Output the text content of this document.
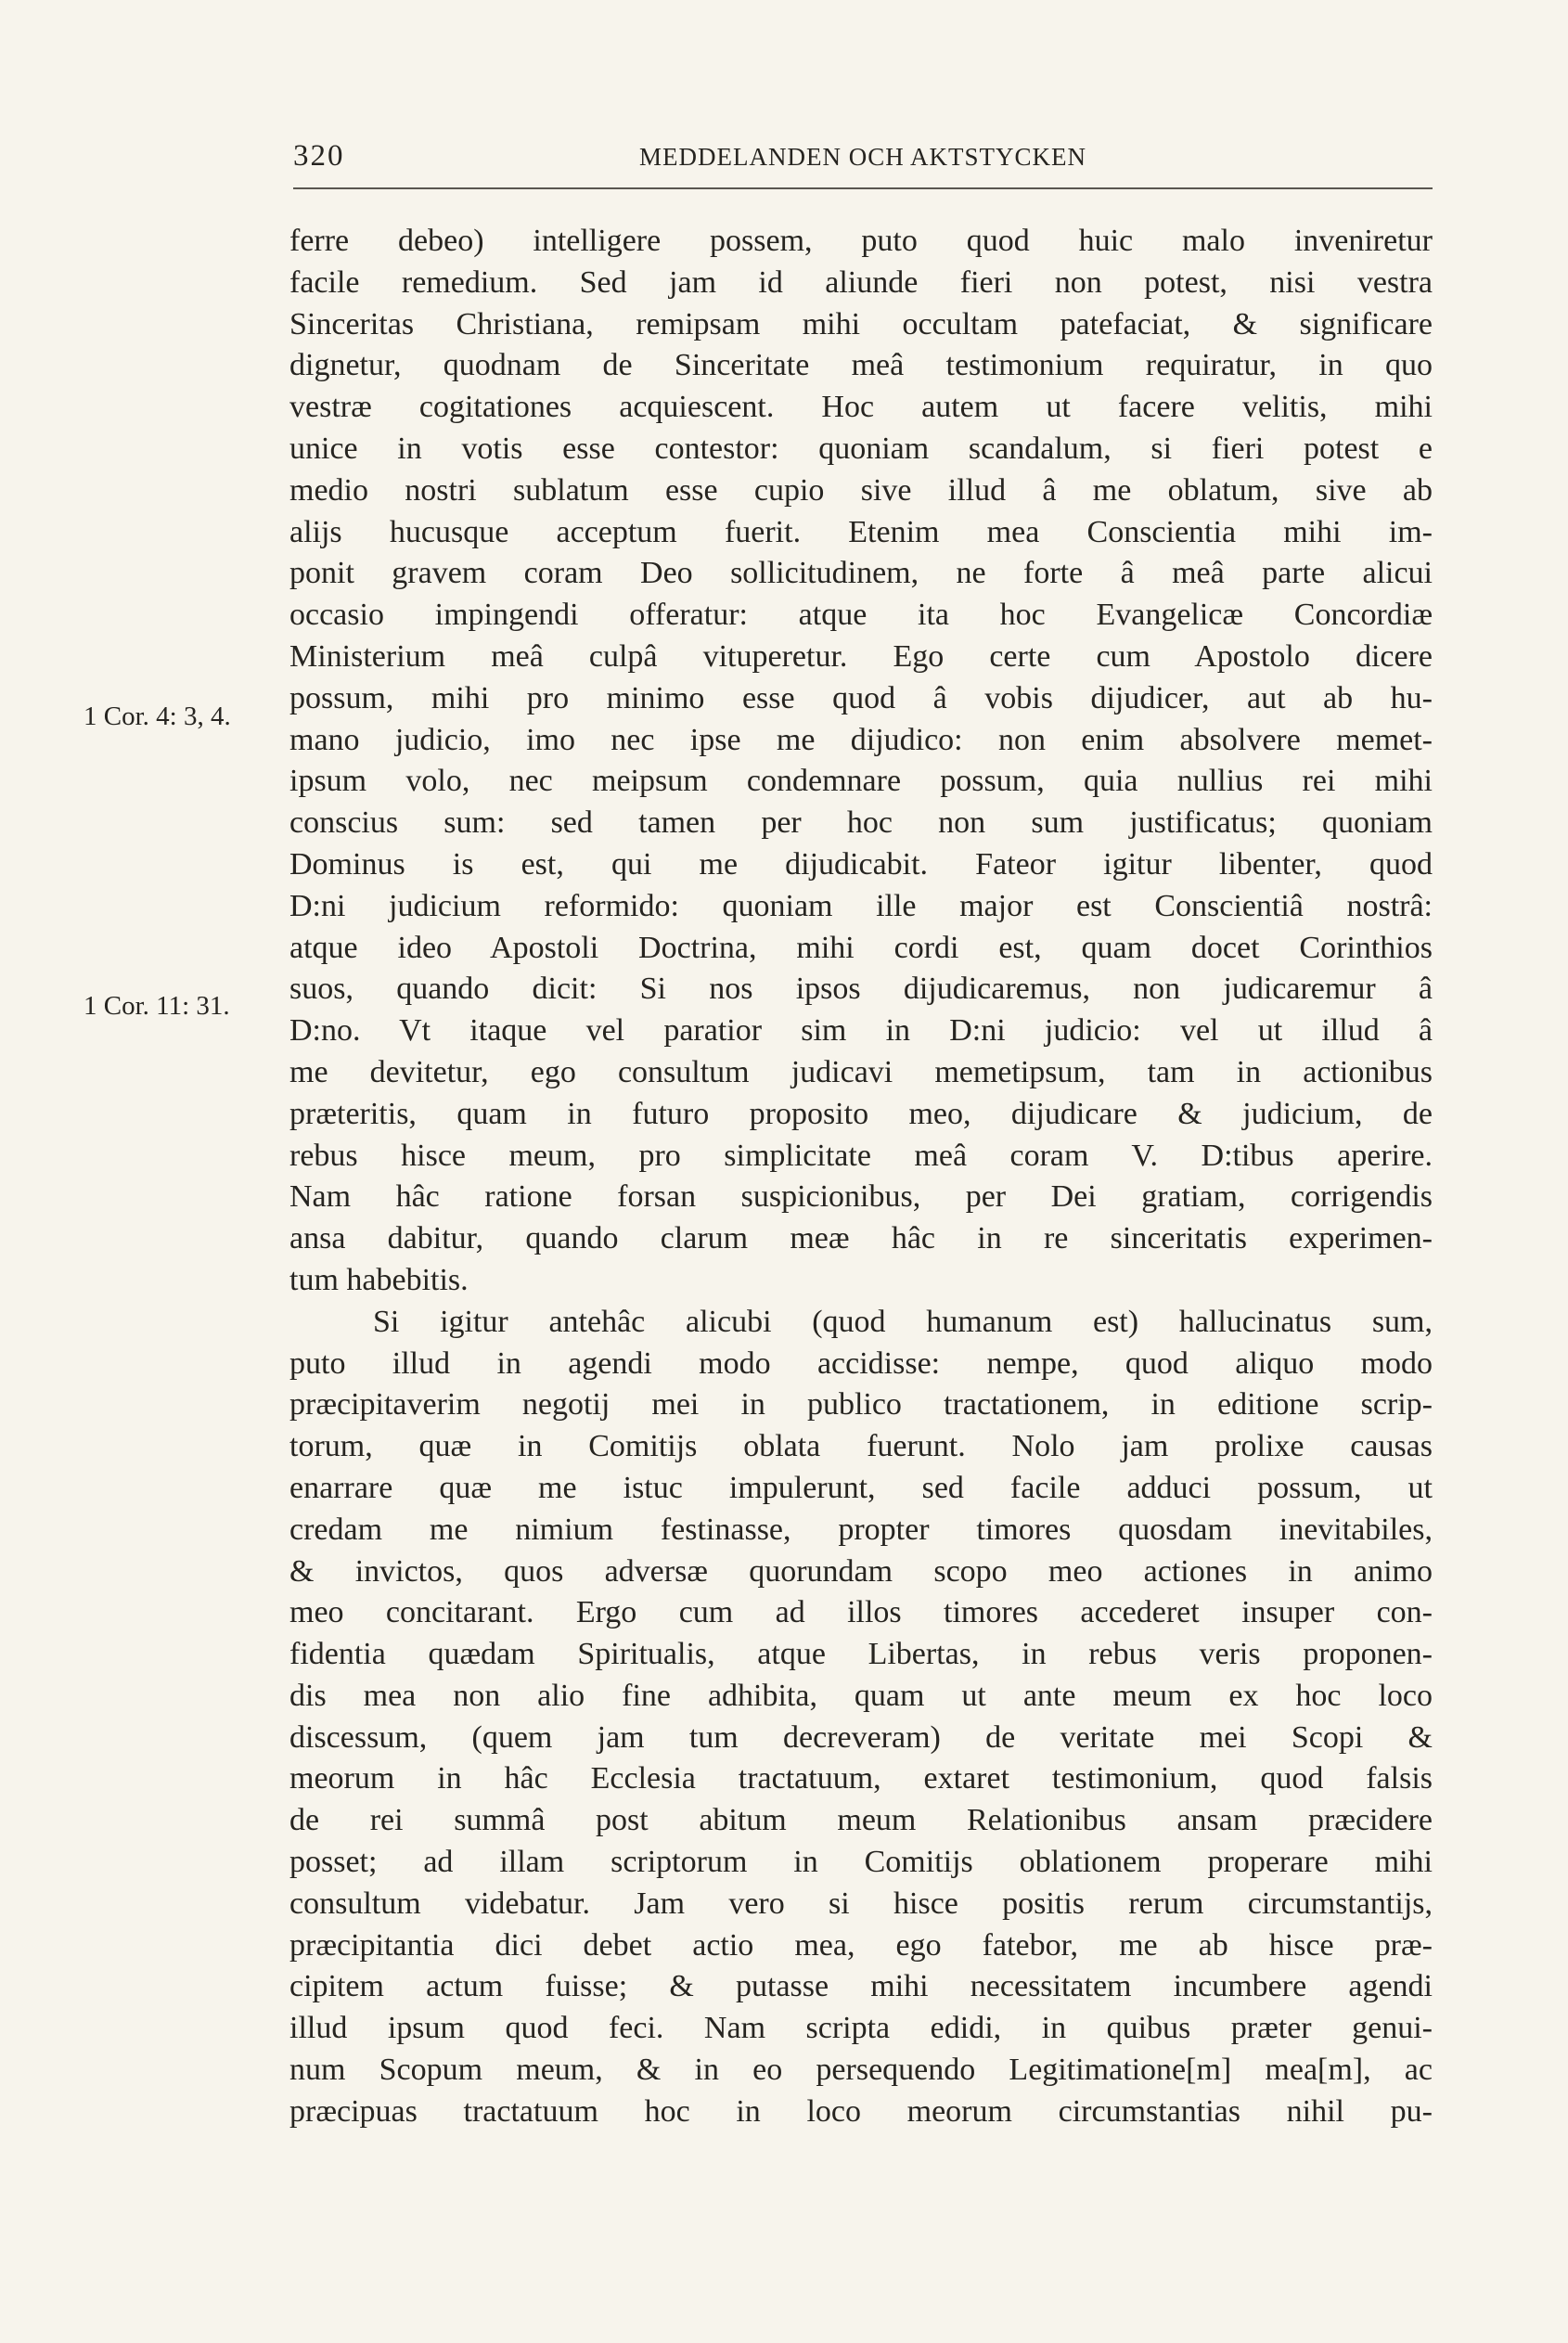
320	MEDDELANDEN OCH AKTSTYCKEN
1 Cor. 4: 3, 4.
1 Cor. 11: 31.
ferre debeo) intelligere possem, puto quod huic malo inveniretur
facile remedium. Sed jam id aliunde fieri non potest, nisi vestra
Sinceritas Christiana, remipsam mihi occultam patefaciat, & significare
dignetur, quodnam de Sinceritate meâ testimonium requiratur, in quo
vestræ cogitationes acquiescent. Hoc autem ut facere velitis, mihi
unice in votis esse contestor: quoniam scandalum, si fieri potest e
medio nostri sublatum esse cupio sive illud â me oblatum, sive ab
alijs hucusque acceptum fuerit. Etenim mea Conscientia mihi im-
ponit gravem coram Deo sollicitudinem, ne forte â meâ parte alicui
occasio impingendi offeratur: atque ita hoc Evangelicæ Concordiæ
Ministerium meâ culpâ vituperetur. Ego certe cum Apostolo dicere
possum, mihi pro minimo esse quod â vobis dijudicer, aut ab hu-
mano judicio, imo nec ipse me dijudico: non enim absolvere memet-
ipsum volo, nec meipsum condemnare possum, quia nullius rei mihi
conscius sum: sed tamen per hoc non sum justificatus; quoniam
Dominus is est, qui me dijudicabit. Fateor igitur libenter, quod
D:ni judicium reformido: quoniam ille major est Conscientiâ nostrâ:
atque ideo Apostoli Doctrina, mihi cordi est, quam docet Corinthios
suos, quando dicit: Si nos ipsos dijudicaremus, non judicaremur â
D:no. Vt itaque vel paratior sim in D:ni judicio: vel ut illud â
me devitetur, ego consultum judicavi memetipsum, tam in actionibus
præteritis, quam in futuro proposito meo, dijudicare & judicium, de
rebus hisce meum, pro simplicitate meâ coram V. D:tibus aperire.
Nam hâc ratione forsan suspicionibus, per Dei gratiam, corrigendis
ansa dabitur, quando clarum meæ hâc in re sinceritatis experimen-
tum habebitis.
Si igitur antehâc alicubi (quod humanum est) hallucinatus sum,
puto illud in agendi modo accidisse: nempe, quod aliquo modo
præcipitaverim negotij mei in publico tractationem, in editione scrip-
torum, quæ in Comitijs oblata fuerunt. Nolo jam prolixe causas
enarrare quæ me istuc impulerunt, sed facile adduci possum, ut
credam me nimium festinasse, propter timores quosdam inevitabiles,
& invictos, quos adversæ quorundam scopo meo actiones in animo
meo concitarant. Ergo cum ad illos timores accederet insuper con-
fidentia quædam Spiritualis, atque Libertas, in rebus veris proponen-
dis mea non alio fine adhibita, quam ut ante meum ex hoc loco
discessum, (quem jam tum decreveram) de veritate mei Scopi &
meorum in hâc Ecclesia tractatuum, extaret testimonium, quod falsis
de rei summâ post abitum meum Relationibus ansam præcidere
posset; ad illam scriptorum in Comitijs oblationem properare mihi
consultum videbatur. Jam vero si hisce positis rerum circumstantijs,
præcipitantia dici debet actio mea, ego fatebor, me ab hisce præ-
cipitem actum fuisse; & putasse mihi necessitatem incumbere agendi
illud ipsum quod feci. Nam scripta edidi, in quibus præter genui-
num Scopum meum, & in eo persequendo Legitimatione[m] mea[m], ac
præcipuas tractatuum hoc in loco meorum circumstantias nihil pu-
